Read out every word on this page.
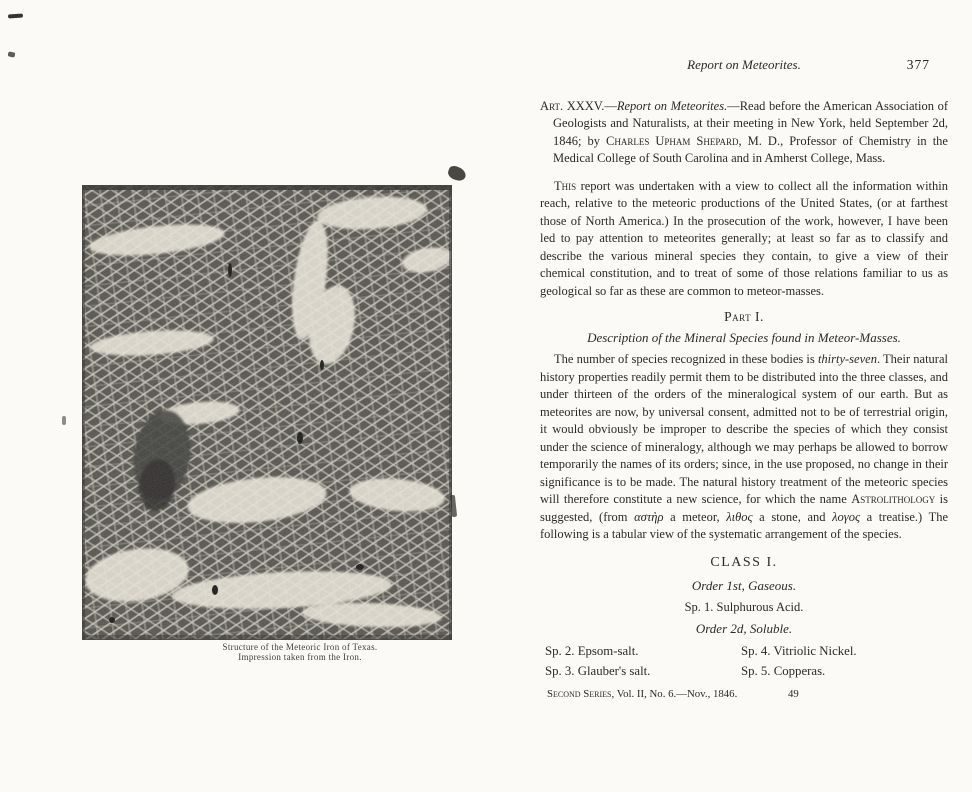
Structure of the Meteoric Iron of Texas.
Impression taken from the Iron.
Report on Meteorites.	377

Art. XXXV.—Report on Meteorites.—Read before the American Association of Geologists and Naturalists, at their meeting in New York, held September 2d, 1846; by Charles Upham Shepard, M. D., Professor of Chemistry in the Medical College of South Carolina and in Amherst College, Mass.

This report was undertaken with a view to collect all the information within reach, relative to the meteoric productions of the United States, (or at farthest those of North America.) In the prosecution of the work, however, I have been led to pay attention to meteorites generally; at least so far as to classify and describe the various mineral species they contain, to give a view of their chemical constitution, and to treat of some of those relations familiar to us as geological so far as these are common to meteor-masses.

Part I.
Description of the Mineral Species found in Meteor-Masses.

The number of species recognized in these bodies is thirty-seven. Their natural history properties readily permit them to be distributed into the three classes, and under thirteen of the orders of the mineralogical system of our earth. But as meteorites are now, by universal consent, admitted not to be of terrestrial origin, it would obviously be improper to describe the species of which they consist under the science of mineralogy, although we may perhaps be allowed to borrow temporarily the names of its orders; since, in the use proposed, no change in their significance is to be made. The natural history treatment of the meteoric species will therefore constitute a new science, for which the name Astrolithology is suggested, (from αστὴρ a meteor, λιθος a stone, and λογος a treatise.) The following is a tabular view of the systematic arrangement of the species.

CLASS I.
Order 1st, Gaseous.
Sp. 1. Sulphurous Acid.
Order 2d, Soluble.
Sp. 2. Epsom-salt.	Sp. 4. Vitriolic Nickel.
Sp. 3. Glauber's salt.	Sp. 5. Copperas.
Second Series, Vol. II, No. 6.—Nov., 1846.	49
